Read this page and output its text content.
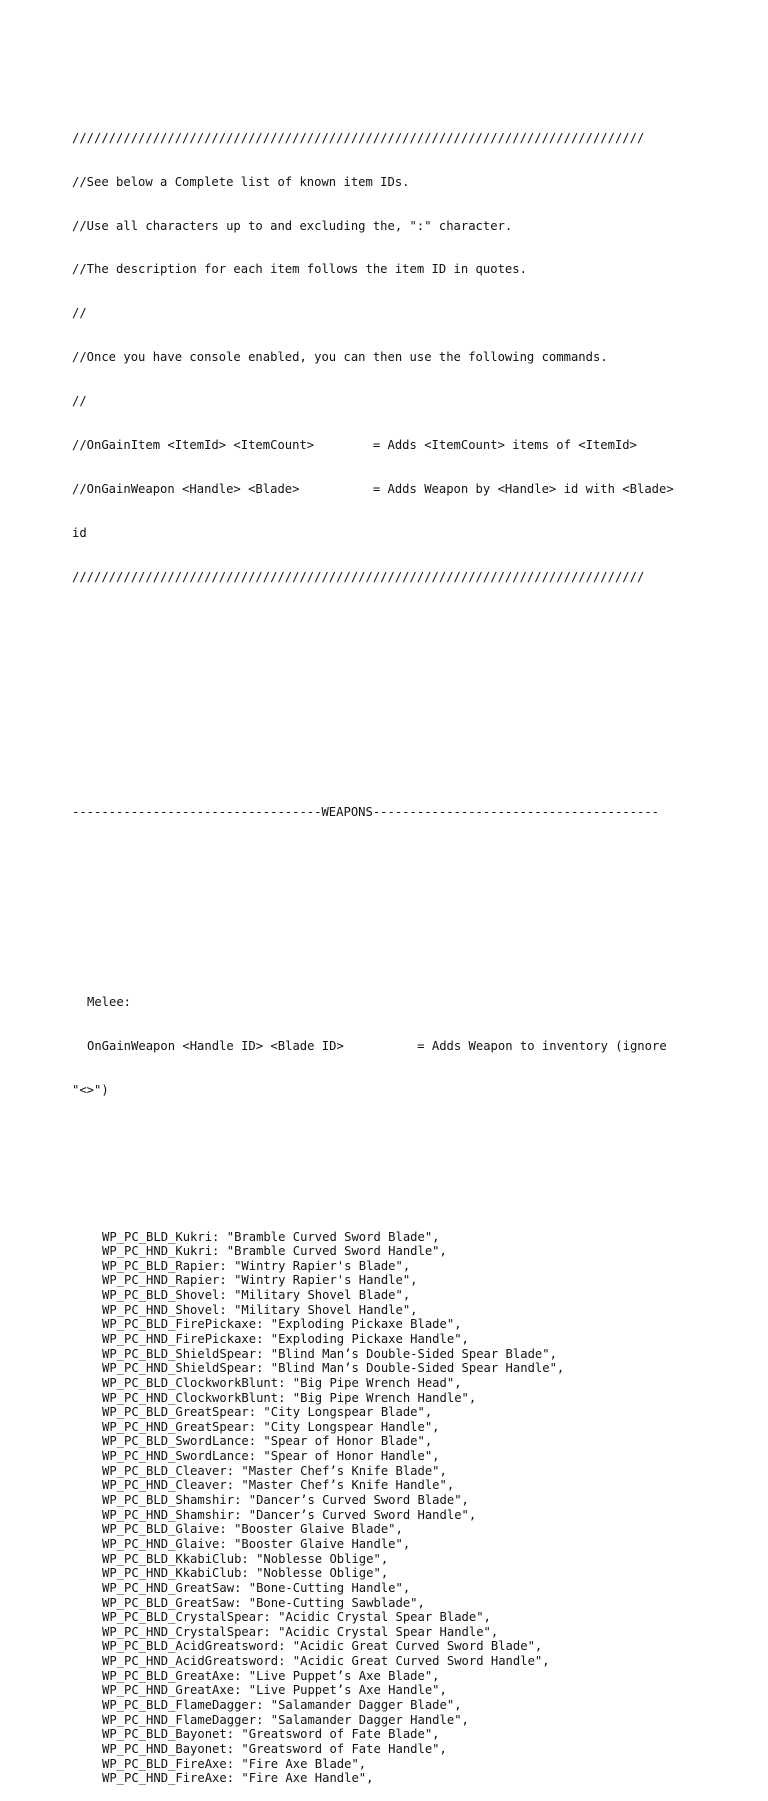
//////////////////////////////////////////////////////////////////////////////

//See below a Complete list of known item IDs.

//Use all characters up to and excluding the, ":" character.

//The description for each item follows the item ID in quotes.

//

//Once you have console enabled, you can then use the following commands.

//

//OnGainItem <ItemId> <ItemCount>        = Adds <ItemCount> items of <ItemId>

//OnGainWeapon <Handle> <Blade>          = Adds Weapon by <Handle> id with <Blade>

id

//////////////////////////////////////////////////////////////////////////////

----------------------------------WEAPONS---------------------------------------

Melee:

OnGainWeapon <Handle ID> <Blade ID>          = Adds Weapon to inventory (ignore

"<>")

WP_PC_BLD_Kukri: "Bramble Curved Sword Blade",
WP_PC_HND_Kukri: "Bramble Curved Sword Handle",
WP_PC_BLD_Rapier: "Wintry Rapier's Blade",
WP_PC_HND_Rapier: "Wintry Rapier's Handle",
WP_PC_BLD_Shovel: "Military Shovel Blade",
WP_PC_HND_Shovel: "Military Shovel Handle",
WP_PC_BLD_FirePickaxe: "Exploding Pickaxe Blade",
WP_PC_HND_FirePickaxe: "Exploding Pickaxe Handle",
WP_PC_BLD_ShieldSpear: "Blind Man’s Double-Sided Spear Blade",
WP_PC_HND_ShieldSpear: "Blind Man’s Double-Sided Spear Handle",
WP_PC_BLD_ClockworkBlunt: "Big Pipe Wrench Head",
WP_PC_HND_ClockworkBlunt: "Big Pipe Wrench Handle",
WP_PC_BLD_GreatSpear: "City Longspear Blade",
WP_PC_HND_GreatSpear: "City Longspear Handle",
WP_PC_BLD_SwordLance: "Spear of Honor Blade",
WP_PC_HND_SwordLance: "Spear of Honor Handle",
WP_PC_BLD_Cleaver: "Master Chef’s Knife Blade",
WP_PC_HND_Cleaver: "Master Chef’s Knife Handle",
WP_PC_BLD_Shamshir: "Dancer’s Curved Sword Blade",
WP_PC_HND_Shamshir: "Dancer’s Curved Sword Handle",
WP_PC_BLD_Glaive: "Booster Glaive Blade",
WP_PC_HND_Glaive: "Booster Glaive Handle",
WP_PC_BLD_KkabiClub: "Noblesse Oblige",
WP_PC_HND_KkabiClub: "Noblesse Oblige",
WP_PC_HND_GreatSaw: "Bone-Cutting Handle",
WP_PC_BLD_GreatSaw: "Bone-Cutting Sawblade",
WP_PC_BLD_CrystalSpear: "Acidic Crystal Spear Blade",
WP_PC_HND_CrystalSpear: "Acidic Crystal Spear Handle",
WP_PC_BLD_AcidGreatsword: "Acidic Great Curved Sword Blade",
WP_PC_HND_AcidGreatsword: "Acidic Great Curved Sword Handle",
WP_PC_BLD_GreatAxe: "Live Puppet’s Axe Blade",
WP_PC_HND_GreatAxe: "Live Puppet’s Axe Handle",
WP_PC_BLD_FlameDagger: "Salamander Dagger Blade",
WP_PC_HND_FlameDagger: "Salamander Dagger Handle",
WP_PC_BLD_Bayonet: "Greatsword of Fate Blade",
WP_PC_HND_Bayonet: "Greatsword of Fate Handle",
WP_PC_BLD_FireAxe: "Fire Axe Blade",
WP_PC_HND_FireAxe: "Fire Axe Handle",
